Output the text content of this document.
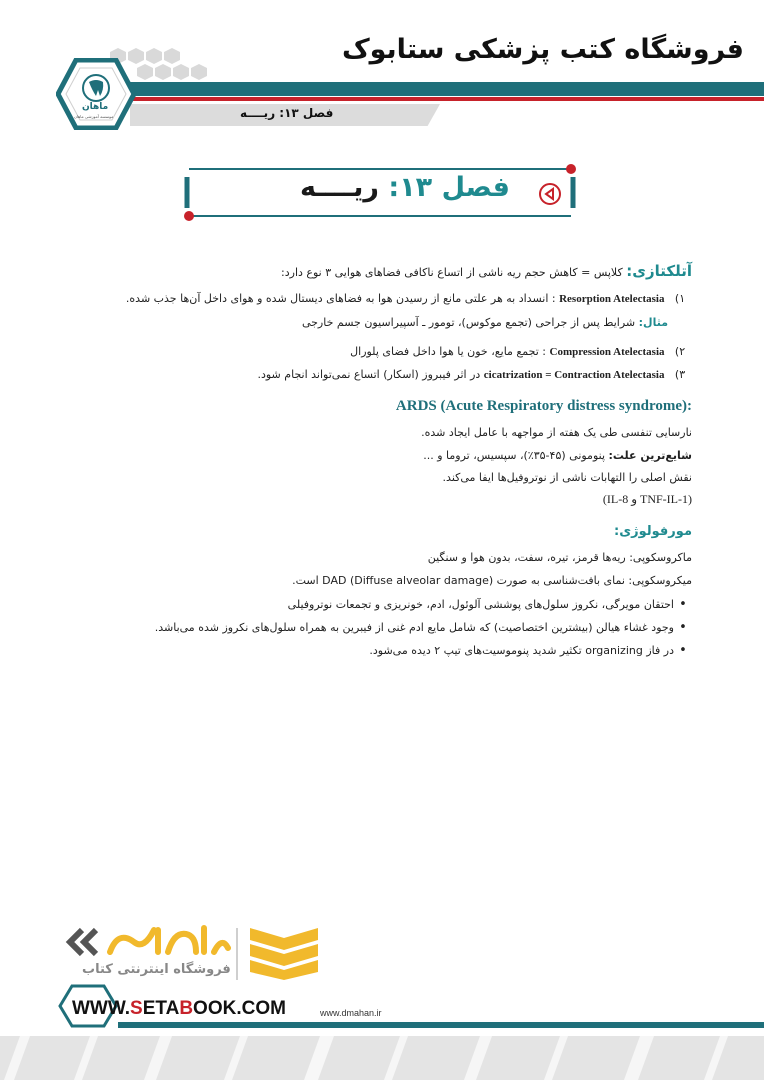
فروشگاه کتب پزشکی ستابوک
فصل ۱۳: ریــــه
ماهان
موسسه آموزشی ماهان
فصل ۱۳: ریــــه
آتلکتازی: کلاپس = کاهش حجم ریه ناشی از اتساع ناکافی فضاهای هوایی ۳ نوع دارد:
۱) Resorption Atelectasia : انسداد به هر علتی مانع از رسیدن هوا به فضاهای دیستال شده و هوای داخل آن‌ها جذب شده.
مثال: شرایط پس از جراحی (تجمع موکوس)، تومور ـ آسپیراسیون جسم خارجی
۲) Compression Atelectasia : تجمع مایع، خون یا هوا داخل فضای پلورال
۳) cicatrization = Contraction Atelectasia در اثر فیبروز (اسکار) اتساع نمی‌تواند انجام شود.
ARDS (Acute Respiratory distress syndrome):
نارسایی تنفسی طی یک هفته از مواجهه با عامل ایجاد شده.
شایع‌ترین علت: پنومونی (۴۵-۳۵٪)، سپسیس، تروما و ...
نقش اصلی را التهابات ناشی از نوتروفیل‌ها ایفا می‌کند.
(IL-8 و TNF-IL-1)
مورفولوژی:
ماکروسکوپی: ریه‌ها قرمز، تیره، سفت، بدون هوا و سنگین
میکروسکوپی: نمای بافت‌شناسی به صورت DAD (Diffuse alveolar damage) است.
• احتقان مویرگی، نکروز سلول‌های پوششی آلوئول، ادم، خونریزی و تجمعات نوتروفیلی
• وجود غشاء هیالن (بیشترین اختصاصیت) که شامل مایع ادم غنی از فیبرین به همراه سلول‌های نکروز شده می‌باشد.
• در فاز organizing تکثیر شدید پنوموسیت‌های تیپ ۲ دیده می‌شود.
فروشگاه اینترنتی کتاب
WWW.SETABOOK.COM	www.dmahan.ir
